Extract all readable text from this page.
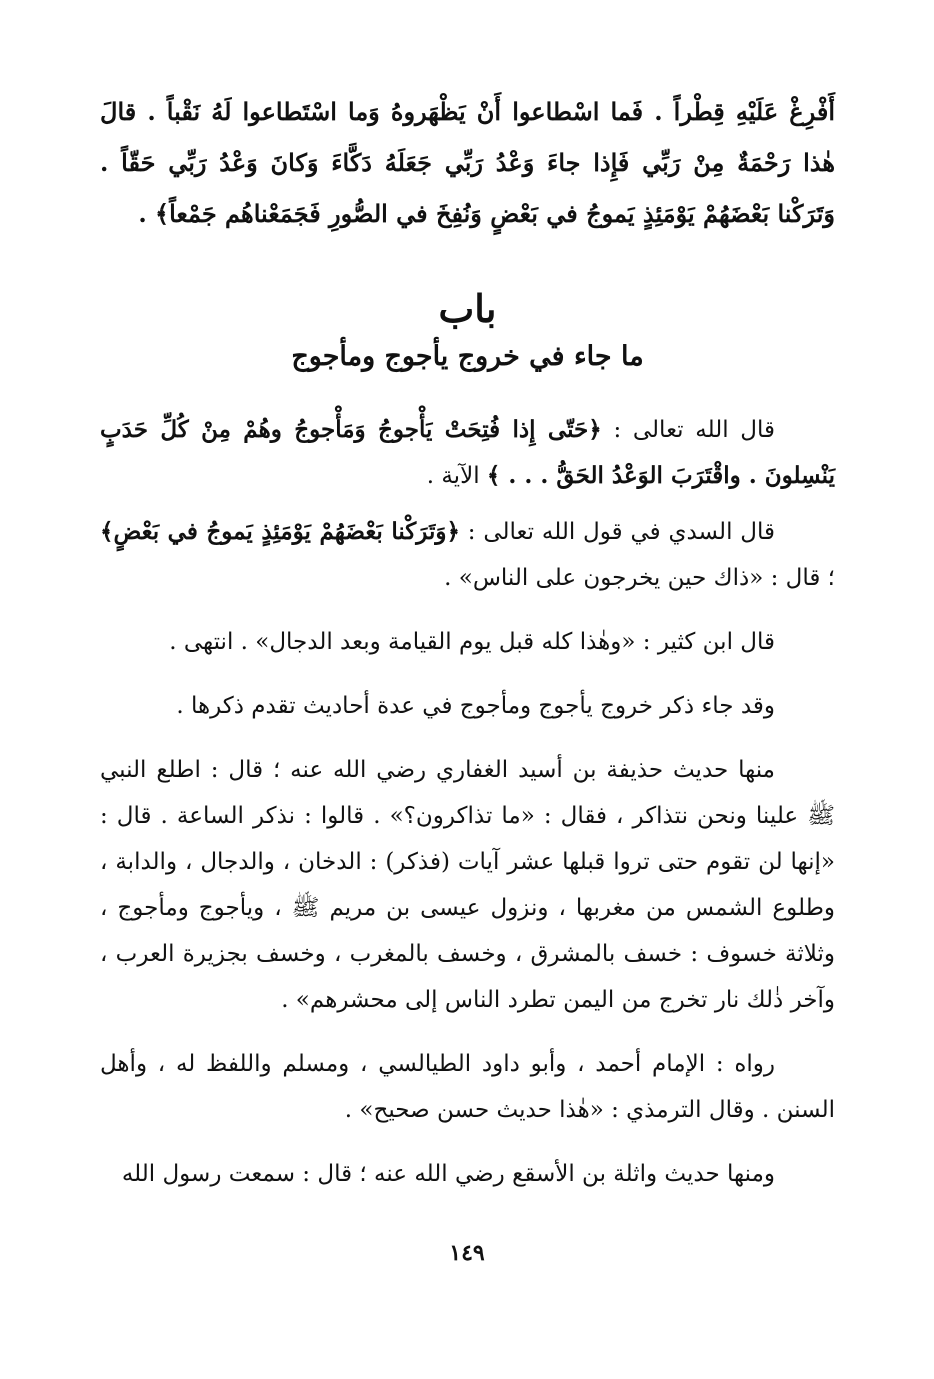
أَفْرِغْ عَلَيْهِ قِطْراً . فَما اسْطاعوا أَنْ يَظْهَروهُ وَما اسْتَطاعوا لَهُ نَقْباً . قالَ هٰذا رَحْمَةٌ مِنْ رَبِّي فَإِذا جاءَ وَعْدُ رَبِّي جَعَلَهُ دَكَّاءَ وَكانَ وَعْدُ رَبِّي حَقّاً . وَتَرَكْنا بَعْضَهُمْ يَوْمَئِذٍ يَموجُ في بَعْضٍ وَنُفِخَ في الصُّورِ فَجَمَعْناهُم جَمْعاً﴾ .

باب
ما جاء في خروج يأجوج ومأجوج

قال الله تعالى : ﴿حَتّى إِذا فُتِحَتْ يَأْجوجُ وَمَأْجوجُ وهُمْ مِنْ كُلِّ حَدَبٍ يَنْسِلونَ . واقْتَرَبَ الوَعْدُ الحَقُّ . . . ﴾ الآية .

قال السدي في قول الله تعالى : ﴿وَتَرَكْنا بَعْضَهُمْ يَوْمَئِذٍ يَموجُ في بَعْضٍ﴾ ؛ قال : «ذاك حين يخرجون على الناس» .

قال ابن كثير : «وهٰذا كله قبل يوم القيامة وبعد الدجال» . انتهى .

وقد جاء ذكر خروج يأجوج ومأجوج في عدة أحاديث تقدم ذكرها .

منها حديث حذيفة بن أسيد الغفاري رضي الله عنه ؛ قال : اطلع النبي ﷺ علينا ونحن نتذاكر ، فقال : «ما تذاكرون؟» . قالوا : نذكر الساعة . قال : «إنها لن تقوم حتى تروا قبلها عشر آيات (فذكر) : الدخان ، والدجال ، والدابة ، وطلوع الشمس من مغربها ، ونزول عيسى بن مريم ﷺ ، ويأجوج ومأجوج ، وثلاثة خسوف : خسف بالمشرق ، وخسف بالمغرب ، وخسف بجزيرة العرب ، وآخر ذٰلك نار تخرج من اليمن تطرد الناس إلى محشرهم» .

رواه : الإمام أحمد ، وأبو داود الطيالسي ، ومسلم واللفظ له ، وأهل السنن . وقال الترمذي : «هٰذا حديث حسن صحيح» .

ومنها حديث واثلة بن الأسقع رضي الله عنه ؛ قال : سمعت رسول الله

١٤٩
